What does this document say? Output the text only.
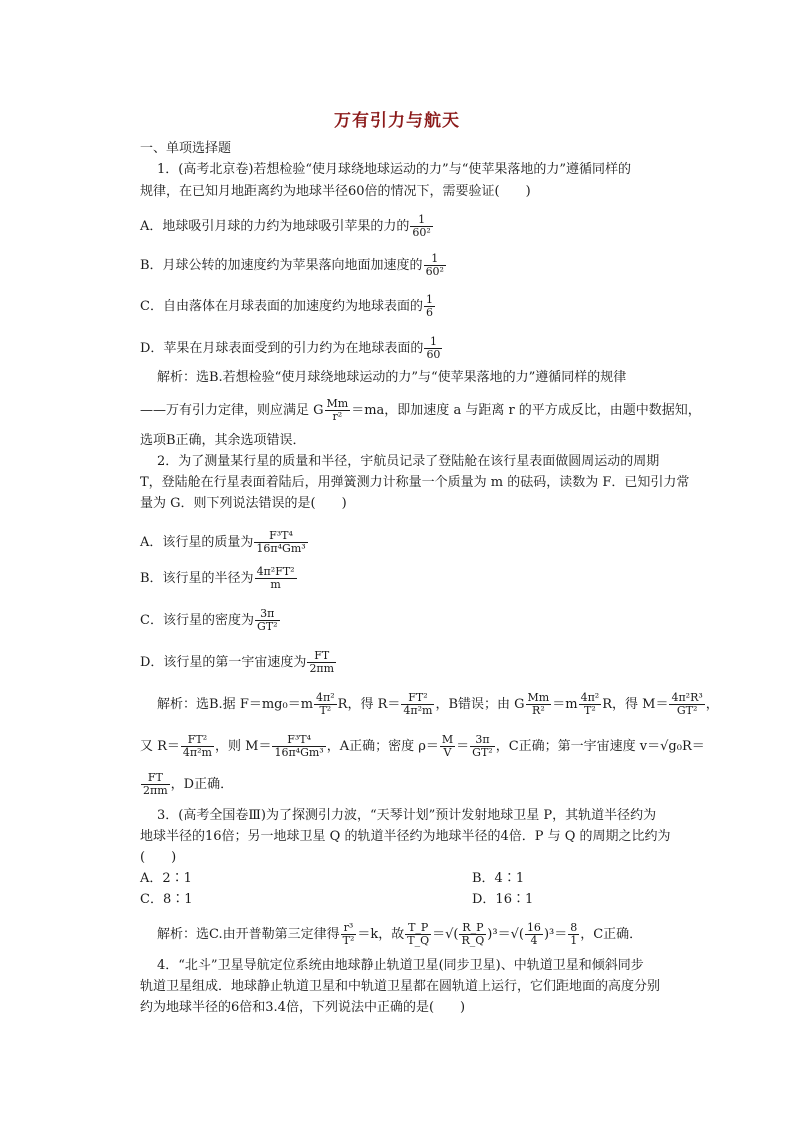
万有引力与航天
一、单项选择题
1．(高考北京卷)若想检验“使月球绕地球运动的力”与“使苹果落地的力”遵循同样的
规律，在已知月地距离约为地球半径60倍的情况下，需要验证(　　)
A．地球吸引月球的力约为地球吸引苹果的力的 $\frac{1}{\text{60²}}$
B．月球公转的加速度约为苹果落向地面加速度的 $\frac{1}{\text{60²}}$
C．自由落体在月球表面的加速度约为地球表面的 $\frac{1}{6}$
D．苹果在月球表面受到的引力约为在地球表面的 $\frac{1}{60}$
解析：选B.若想检验“使月球绕地球运动的力”与“使苹果落地的力”遵循同样的规律
——万有引力定律，则应满足 G $\frac{Mm}{\text{r²}} =ma$，即加速度 a 与距离 r 的平方成反比，由题中数据知，
选项B正确，其余选项错误．
2．为了测量某行星的质量和半径，宇航员记录了登陆舱在该行星表面做圆周运动的周期
T，登陆舱在行星表面着陆后，用弹簧测力计称量一个质量为 m 的砝码，读数为 F．已知引力常
量为 G．则下列说法错误的是(　　)
A．该行星的质量为 $\frac{\text{F³T⁴}}{\text{16π⁴Gm³}}$
B．该行星的半径为 $\frac{\text{4π²FT²}}{m}$
C．该行星的密度为 $\frac{3\pi}{\text{GT²}}$
D．该行星的第一宇宙速度为 $\frac{FT}{2\pi m}$
解析：选B.据 $F=mg_0=m \frac{\text{4π²}}{\text{T²}}$ R，得 $R= \frac{\text{FT²}}{\text{4π²m}}$ ，B错误；由 G $\frac{Mm}{\text{R²}} =m \frac{\text{4π²}}{\text{T²}}$ R，得 $M= \frac{\text{4π²R³}}{\text{GT²}}$ ，
又 $R= \frac{\text{FT²}}{\text{4π²m}}$ ，则 $M= \frac{\text{F³T⁴}}{\text{16π⁴Gm³}}$ ，A正确；密度 $\rho= \frac{M}{V} = \frac{3\pi}{\text{GT²}}$ ，C正确；第一宇宙速度 v＝√g₀R＝
$\frac{FT}{2\pi m}$ ，D正确．
3．(高考全国卷Ⅲ)为了探测引力波，“天琴计划”预计发射地球卫星 P，其轨道半径约为
地球半径的16倍；另一地球卫星 Q 的轨道半径约为地球半径的4倍．P 与 Q 的周期之比约为
(　　)
A．2∶1	B．4∶1
C．8∶1	D．16∶1
解析：选C.由开普勒第三定律得 $\frac{\text{r³}}{\text{T²}} =k$，故 $\frac{T\_P}{T\_Q}$ ＝√( $\frac{R\_P}{R\_Q} )^3=√( \frac{16}{4} )^3= \frac{8}{1}$ ，C正确．
4．“北斗”卫星导航定位系统由地球静止轨道卫星(同步卫星)、中轨道卫星和倾斜同步
轨道卫星组成．地球静止轨道卫星和中轨道卫星都在圆轨道上运行，它们距地面的高度分别
约为地球半径的6倍和3.4倍，下列说法中正确的是(　　)
